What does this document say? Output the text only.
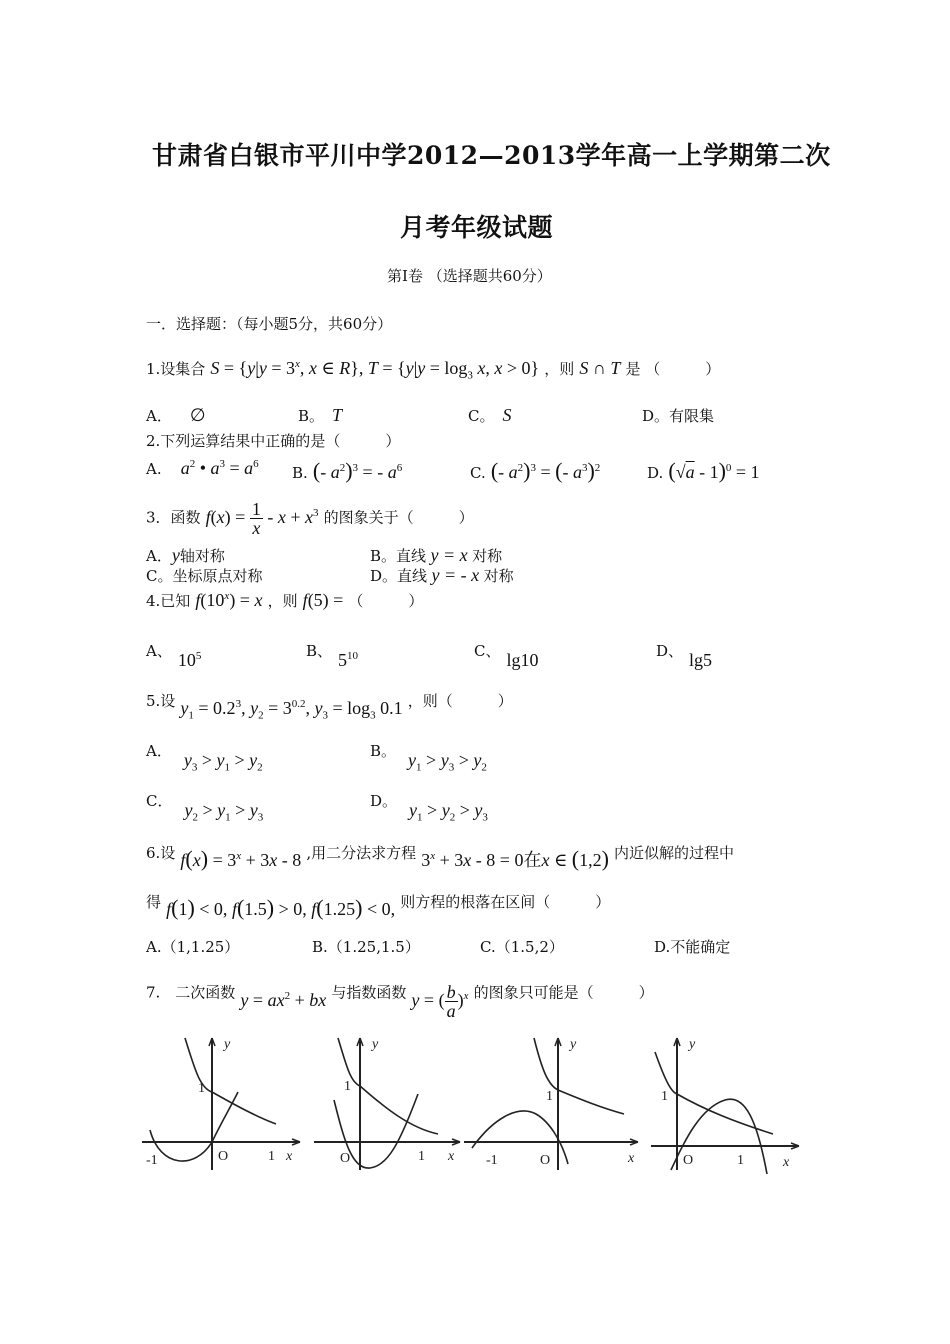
甘肃省白银市平川中学2012—2013学年高一上学期第二次
月考年级试题
第I卷 （选择题共60分）
一．选择题：（每小题5分，共60分）
1.设集合 $S = \{y|y = 3^x$, x ∈ R}, $T = \{y|y = \log_3 x$, x > 0} ，则 S ∩ T 是 （　　　）
A． ∅	B。 T	C。 S	D。有限集
2.下列运算结果中正确的是（　　　）
A. $a^2$ • $a^3 = a^6$ B. (- $a^2)^3$ = - $a^6$	C. (- $a^2)^3$ = (- $a^3)^2$	D. (√a - 1)$^0$ = 1
3．函数 $f(x) = \frac{1}{x} - x + x^3$ 的图象关于（　　　）
A．y轴对称	B。直线 y = x 对称
C。坐标原点对称	D。直线 y = - x 对称
4.已知 $f(10^x) = x$ ，则 f(5) = （　　　）
A、 $10^5$	B、 $5^{10}$	C、 lg10	D、 lg5
5.设 $y_1 = 0.2^3$, $y_2 = 3^{0.2}$, $y_3 = \log_3 0.1$ ，则（　　　）
A． $y_3 > y_1 > y_2$
B。 $y_1 > y_3 > y_2$
C． $y_2 > y_1 > y_3$
D。 $y_1 > y_2 > y_3$
6.设 $f(x) = 3^x + 3x - 8$ ,用二分法求方程 $3^x + 3x - 8 = 0$在x ∈ (1,2) 内近似解的过程中
得 f(1) < 0, f(1.5) > 0, f(1.25) < 0, 则方程的根落在区间（　　　）
A.（1,1.25）	B.（1.25,1.5）	C.（1.5,2）	D.不能确定
7.　二次函数 $y = ax^2$ + bx 与指数函数 y = ( $\frac{b}{a} )^x$ 的图象只可能是（　　　）
y
x
1
-1	O	1
y
x
1
O	1
y
x
1
-1	O
y
x
1
O	1
